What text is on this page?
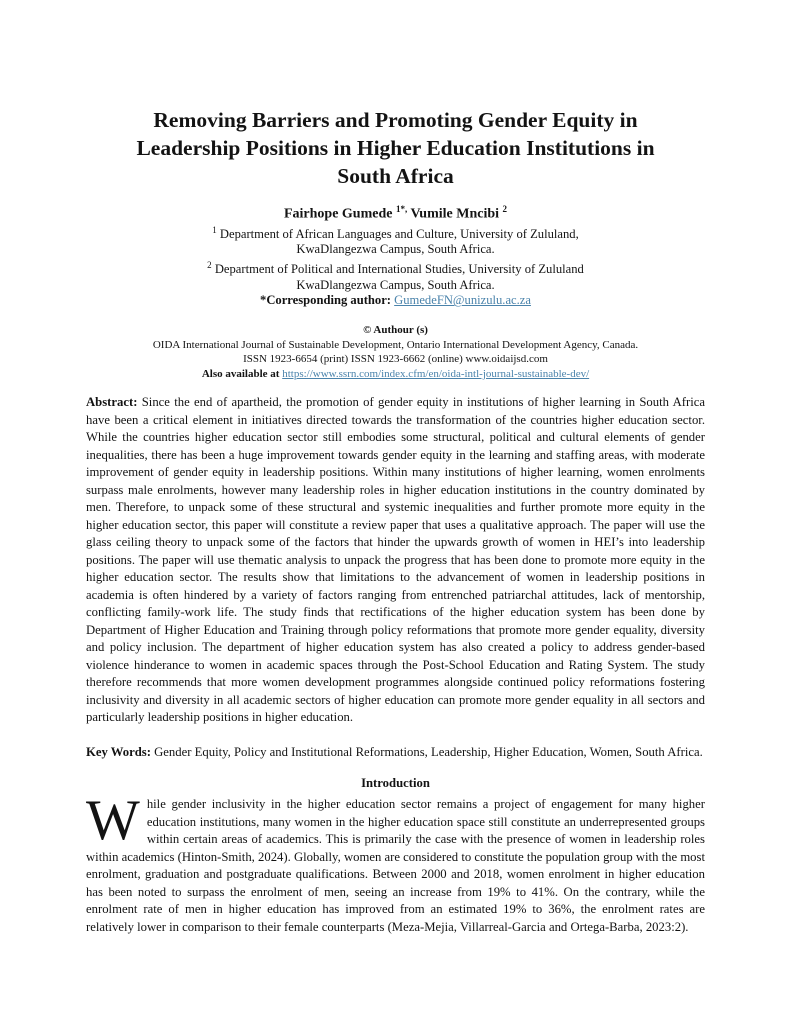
Removing Barriers and Promoting Gender Equity in
Leadership Positions in Higher Education Institutions in
South Africa
Fairhope Gumede $^{1*,}$ Vumile Mncibi $^2$
$^1$ Department of African Languages and Culture, University of Zululand,
KwaDlangezwa Campus, South Africa.
$^2$ Department of Political and International Studies, University of Zululand
KwaDlangezwa Campus, South Africa.
*Corresponding author: GumedeFN@unizulu.ac.za
© Authour (s)
OIDA International Journal of Sustainable Development, Ontario International Development Agency, Canada.
ISSN 1923-6654 (print) ISSN 1923-6662 (online) www.oidaijsd.com
Also available at https://www.ssrn.com/index.cfm/en/oida-intl-journal-sustainable-dev/
Abstract: Since the end of apartheid, the promotion of gender equity in institutions of higher learning in South Africa have been a critical element in initiatives directed towards the transformation of the countries higher education sector. While the countries higher education sector still embodies some structural, political and cultural elements of gender inequalities, there has been a huge improvement towards gender equity in the learning and staffing areas, with moderate improvement of gender equity in leadership positions. Within many institutions of higher learning, women enrolments surpass male enrolments, however many leadership roles in higher education institutions in the country dominated by men. Therefore, to unpack some of these structural and systemic inequalities and further promote more equity in the higher education sector, this paper will constitute a review paper that uses a qualitative approach. The paper will use the glass ceiling theory to unpack some of the factors that hinder the upwards growth of women in HEI’s into leadership positions. The paper will use thematic analysis to unpack the progress that has been done to promote more equity in the higher education sector. The results show that limitations to the advancement of women in leadership positions in academia is often hindered by a variety of factors ranging from entrenched patriarchal attitudes, lack of mentorship, conflicting family-work life. The study finds that rectifications of the higher education system has been done by Department of Higher Education and Training through policy reformations that promote more gender equality, diversity and policy inclusion. The department of higher education system has also created a policy to address gender-based violence hinderance to women in academic spaces through the Post-School Education and Rating System. The study therefore recommends that more women development programmes alongside continued policy reformations fostering inclusivity and diversity in all academic sectors of higher education can promote more gender equality in all sectors and particularly leadership positions in higher education.
Key Words: Gender Equity, Policy and Institutional Reformations, Leadership, Higher Education, Women, South Africa.
Introduction
While gender inclusivity in the higher education sector remains a project of engagement for many higher education institutions, many women in the higher education space still constitute an underrepresented groups within certain areas of academics. This is primarily the case with the presence of women in leadership roles within academics (Hinton-Smith, 2024). Globally, women are considered to constitute the population group with the most enrolment, graduation and postgraduate qualifications. Between 2000 and 2018, women enrolment in higher education has been noted to surpass the enrolment of men, seeing an increase from 19% to 41%. On the contrary, while the enrolment rate of men in higher education has improved from an estimated 19% to 36%, the enrolment rates are relatively lower in comparison to their female counterparts (Meza-Mejia, Villarreal-Garcia and Ortega-Barba, 2023:2).
